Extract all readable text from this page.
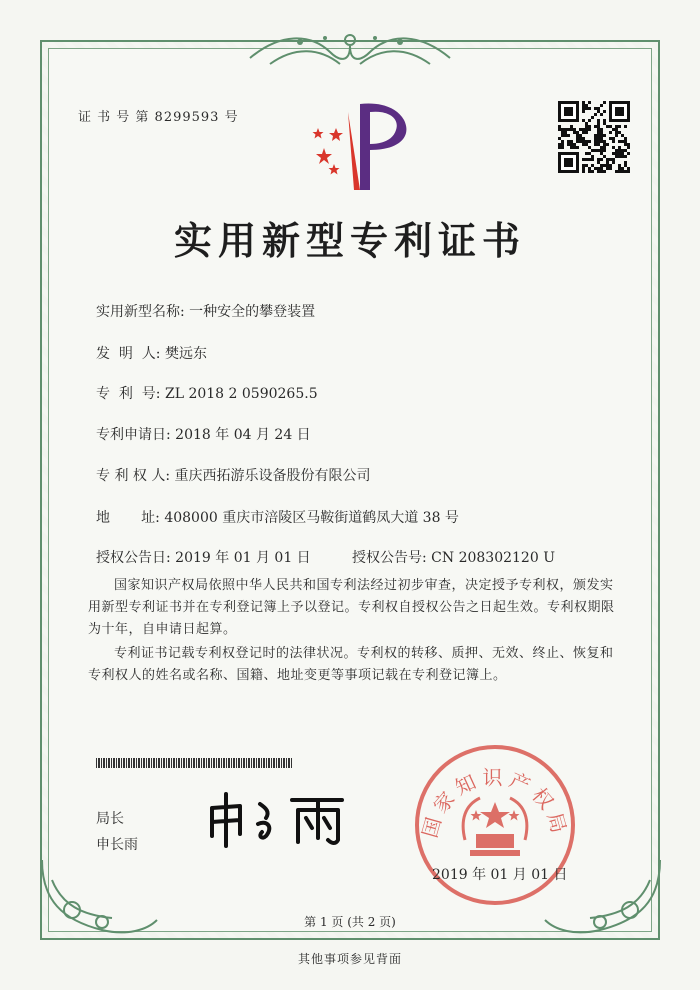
证 书 号 第 8299593 号
实用新型专利证书
实用新型名称: 一种安全的攀登装置
发  明  人: 樊远东
专  利  号: ZL 2018 2 0590265.5
专利申请日: 2018 年 04 月 24 日
专 利 权 人: 重庆西拓游乐设备股份有限公司
地       址: 408000 重庆市涪陵区马鞍街道鹤凤大道 38 号
授权公告日: 2019 年 01 月 01 日	授权公告号: CN 208302120 U
国家知识产权局依照中华人民共和国专利法经过初步审查，决定授予专利权，颁发实用新型专利证书并在专利登记簿上予以登记。专利权自授权公告之日起生效。专利权期限为十年，自申请日起算。
专利证书记载专利权登记时的法律状况。专利权的转移、质押、无效、终止、恢复和专利权人的姓名或名称、国籍、地址变更等事项记载在专利登记簿上。
局长
申长雨
国家知识产权局
2019 年 01 月 01 日
第 1 页 (共 2 页)
其他事项参见背面
